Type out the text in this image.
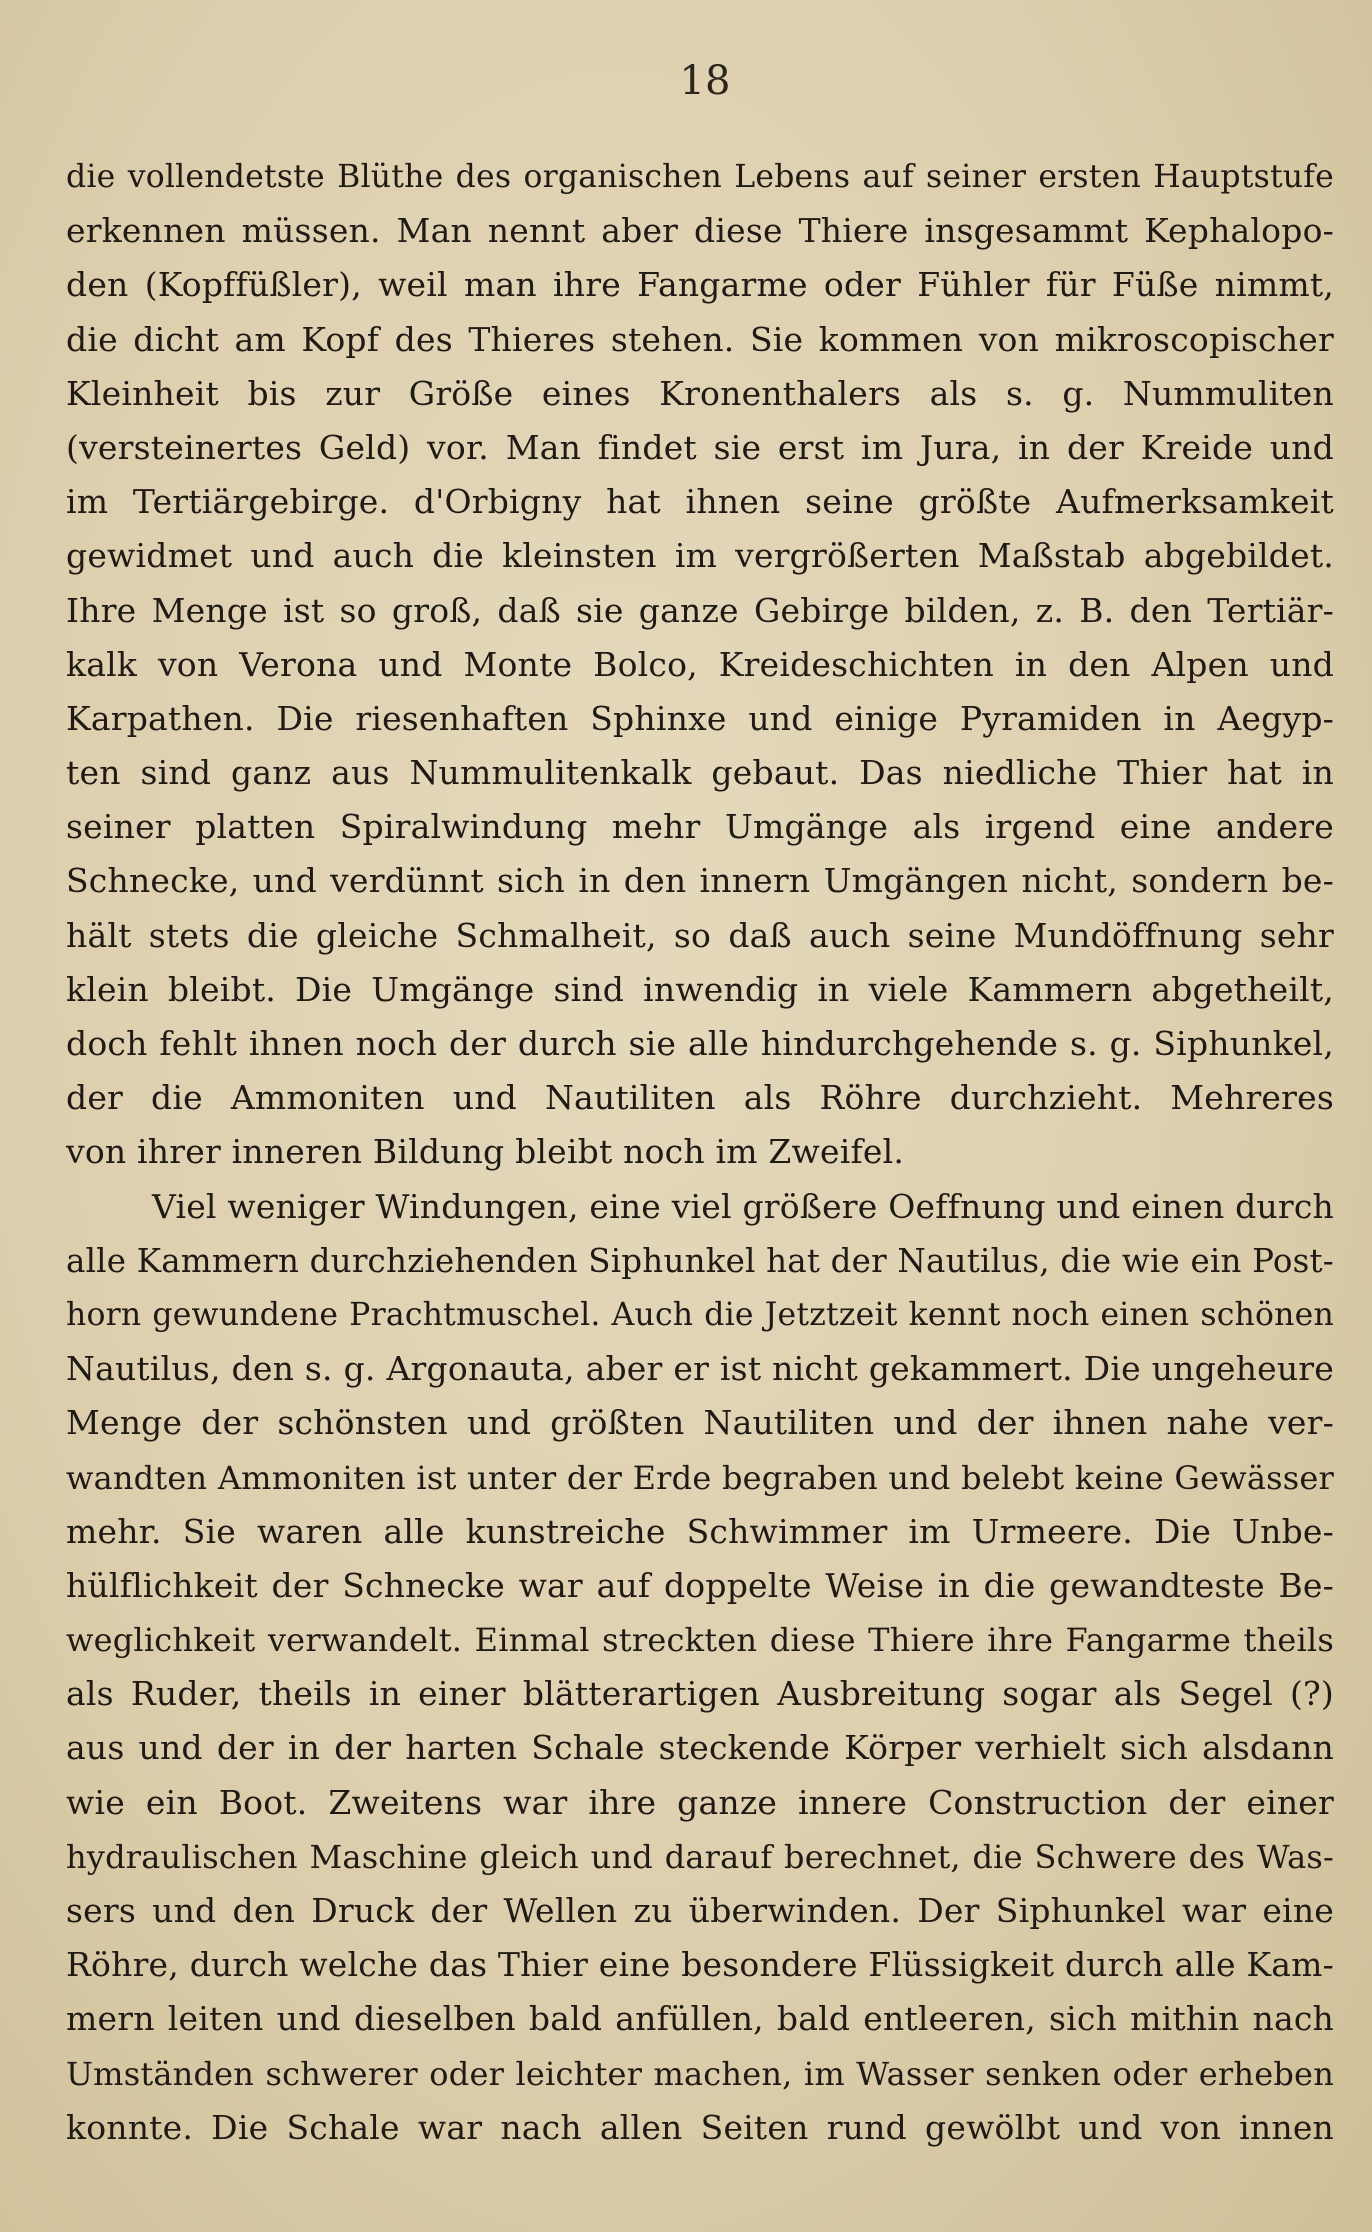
18
die vollendetste Blüthe des organischen Lebens auf seiner ersten Hauptstufe
erkennen müssen. Man nennt aber diese Thiere insgesammt Kephalopo-
den (Kopffüßler), weil man ihre Fangarme oder Fühler für Füße nimmt,
die dicht am Kopf des Thieres stehen. Sie kommen von mikroscopischer
Kleinheit bis zur Größe eines Kronenthalers als s. g. Nummuliten
(versteinertes Geld) vor. Man findet sie erst im Jura, in der Kreide und
im Tertiärgebirge. d'Orbigny hat ihnen seine größte Aufmerksamkeit
gewidmet und auch die kleinsten im vergrößerten Maßstab abgebildet.
Ihre Menge ist so groß, daß sie ganze Gebirge bilden, z. B. den Tertiär-
kalk von Verona und Monte Bolco, Kreideschichten in den Alpen und
Karpathen. Die riesenhaften Sphinxe und einige Pyramiden in Aegyp-
ten sind ganz aus Nummulitenkalk gebaut. Das niedliche Thier hat in
seiner platten Spiralwindung mehr Umgänge als irgend eine andere
Schnecke, und verdünnt sich in den innern Umgängen nicht, sondern be-
hält stets die gleiche Schmalheit, so daß auch seine Mundöffnung sehr
klein bleibt. Die Umgänge sind inwendig in viele Kammern abgetheilt,
doch fehlt ihnen noch der durch sie alle hindurchgehende s. g. Siphunkel,
der die Ammoniten und Nautiliten als Röhre durchzieht. Mehreres
von ihrer inneren Bildung bleibt noch im Zweifel.
Viel weniger Windungen, eine viel größere Oeffnung und einen durch
alle Kammern durchziehenden Siphunkel hat der Nautilus, die wie ein Post-
horn gewundene Prachtmuschel. Auch die Jetztzeit kennt noch einen schönen
Nautilus, den s. g. Argonauta, aber er ist nicht gekammert. Die ungeheure
Menge der schönsten und größten Nautiliten und der ihnen nahe ver-
wandten Ammoniten ist unter der Erde begraben und belebt keine Gewässer
mehr. Sie waren alle kunstreiche Schwimmer im Urmeere. Die Unbe-
hülflichkeit der Schnecke war auf doppelte Weise in die gewandteste Be-
weglichkeit verwandelt. Einmal streckten diese Thiere ihre Fangarme theils
als Ruder, theils in einer blätterartigen Ausbreitung sogar als Segel (?)
aus und der in der harten Schale steckende Körper verhielt sich alsdann
wie ein Boot. Zweitens war ihre ganze innere Construction der einer
hydraulischen Maschine gleich und darauf berechnet, die Schwere des Was-
sers und den Druck der Wellen zu überwinden. Der Siphunkel war eine
Röhre, durch welche das Thier eine besondere Flüssigkeit durch alle Kam-
mern leiten und dieselben bald anfüllen, bald entleeren, sich mithin nach
Umständen schwerer oder leichter machen, im Wasser senken oder erheben
konnte. Die Schale war nach allen Seiten rund gewölbt und von innen
